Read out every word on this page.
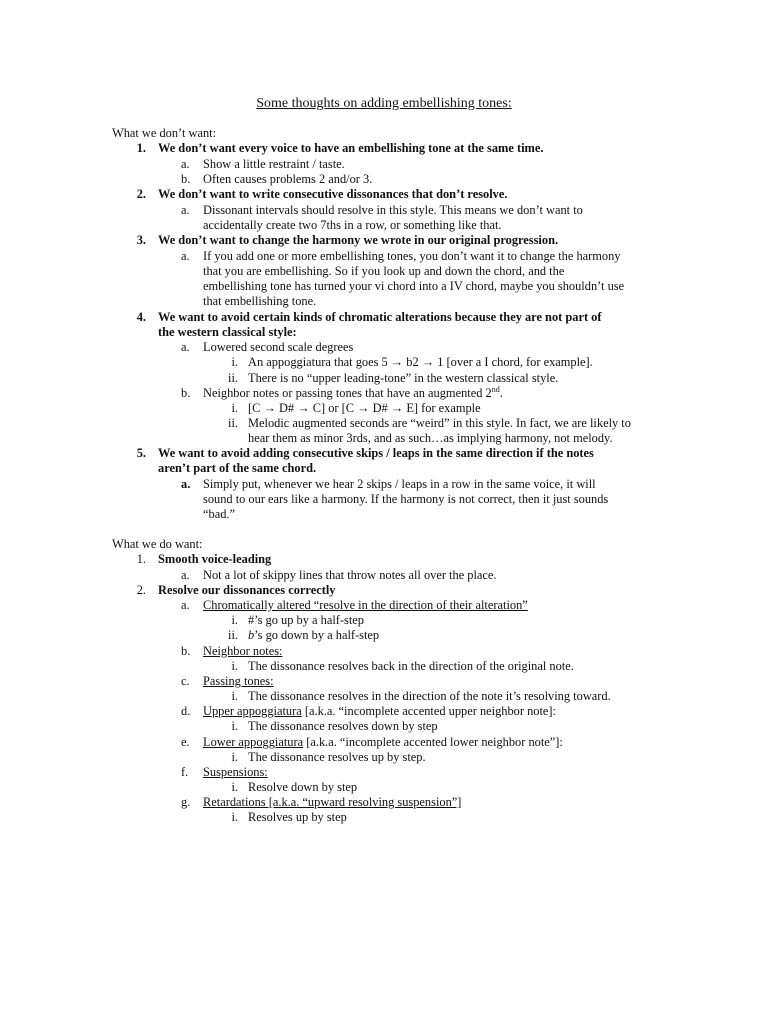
Some thoughts on adding embellishing tones:
What we don’t want:
1. We don’t want every voice to have an embellishing tone at the same time.
a. Show a little restraint / taste.
b. Often causes problems 2 and/or 3.
2. We don’t want to write consecutive dissonances that don’t resolve.
a. Dissonant intervals should resolve in this style. This means we don’t want to
accidentally create two 7ths in a row, or something like that.
3. We don’t want to change the harmony we wrote in our original progression.
a. If you add one or more embellishing tones, you don’t want it to change the harmony
that you are embellishing. So if you look up and down the chord, and the
embellishing tone has turned your vi chord into a IV chord, maybe you shouldn’t use
that embellishing tone.
4. We want to avoid certain kinds of chromatic alterations because they are not part of
the western classical style:
a. Lowered second scale degrees
i. An appoggiatura that goes 5 → b2 → 1 [over a I chord, for example].
ii. There is no “upper leading-tone” in the western classical style.
b. Neighbor notes or passing tones that have an augmented 2nd.
i. [C → D# → C] or [C → D# → E] for example
ii. Melodic augmented seconds are “weird” in this style. In fact, we are likely to
hear them as minor 3rds, and as such…as implying harmony, not melody.
5. We want to avoid adding consecutive skips / leaps in the same direction if the notes
aren’t part of the same chord.
a. Simply put, whenever we hear 2 skips / leaps in a row in the same voice, it will
sound to our ears like a harmony. If the harmony is not correct, then it just sounds
“bad.”
What we do want:
1. Smooth voice-leading
a. Not a lot of skippy lines that throw notes all over the place.
2. Resolve our dissonances correctly
a. Chromatically altered “resolve in the direction of their alteration”
i. #’s go up by a half-step
ii. b’s go down by a half-step
b. Neighbor notes:
i. The dissonance resolves back in the direction of the original note.
c. Passing tones:
i. The dissonance resolves in the direction of the note it’s resolving toward.
d. Upper appoggiatura [a.k.a. “incomplete accented upper neighbor note]:
i. The dissonance resolves down by step
e. Lower appoggiatura [a.k.a. “incomplete accented lower neighbor note”]:
i. The dissonance resolves up by step.
f. Suspensions:
i. Resolve down by step
g. Retardations [a.k.a. “upward resolving suspension”]
i. Resolves up by step
